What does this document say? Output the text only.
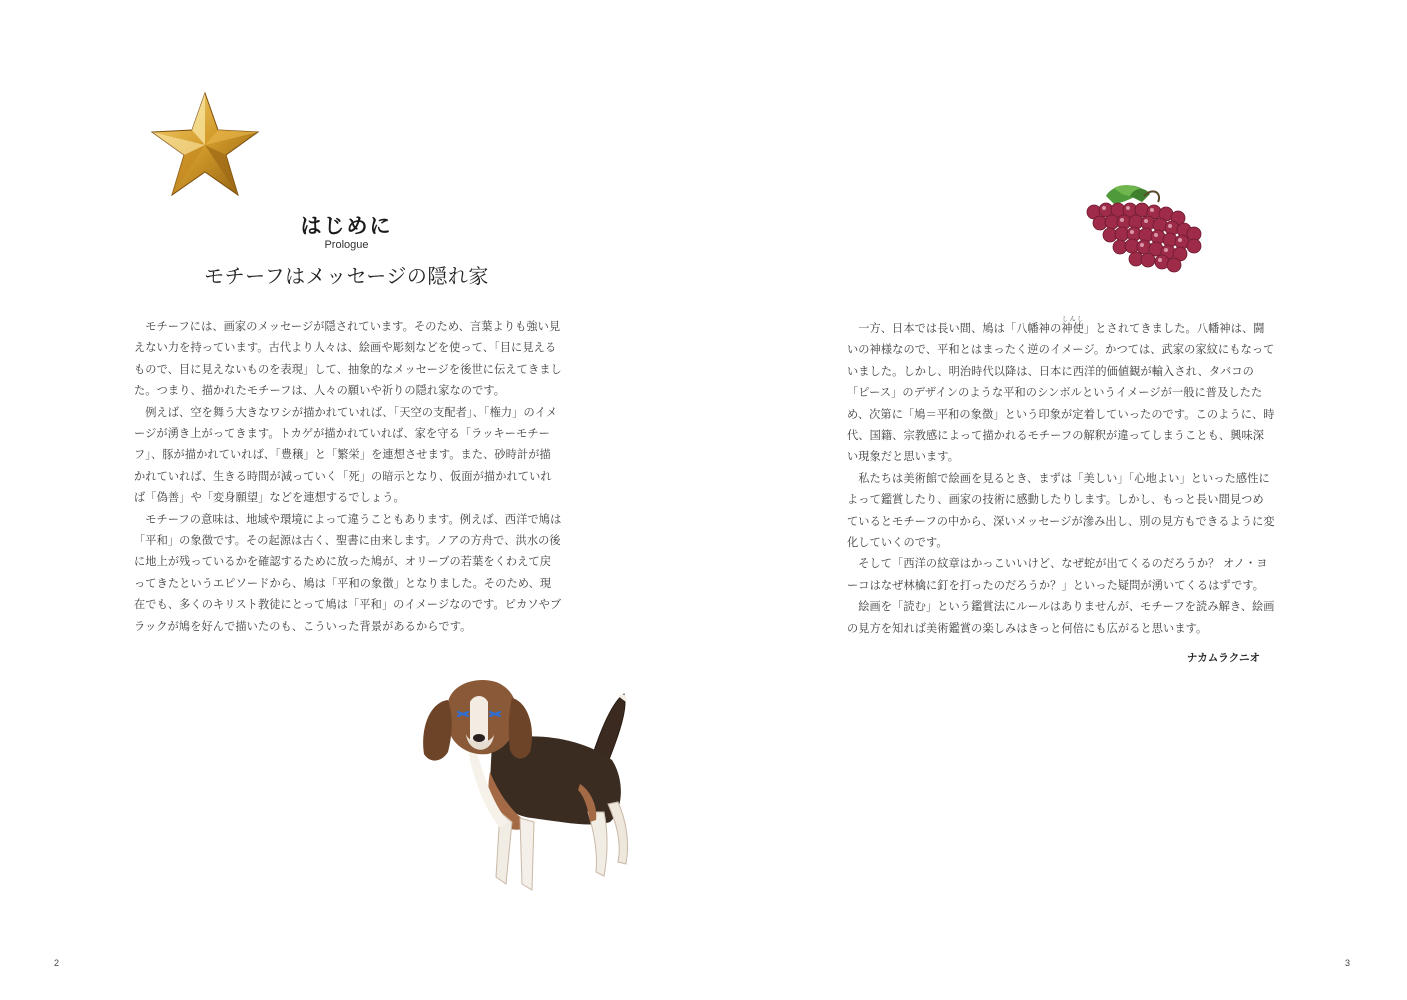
はじめに
Prologue
モチーフはメッセージの隠れ家

モチーフには、画家のメッセージが隠されています。そのため、言葉よりも強い見えない力を持っています。古代より人々は、絵画や彫刻などを使って、「目に見えるもので、目に見えないものを表現」して、抽象的なメッセージを後世に伝えてきました。つまり、描かれたモチーフは、人々の願いや祈りの隠れ家なのです。

例えば、空を舞う大きなワシが描かれていれば、「天空の支配者」、「権力」のイメージが湧き上がってきます。トカゲが描かれていれば、家を守る「ラッキーモチーフ」、豚が描かれていれば、「豊穣」と「繁栄」を連想させます。また、砂時計が描かれていれば、生きる時間が減っていく「死」の暗示となり、仮面が描かれていれば「偽善」や「変身願望」などを連想するでしょう。

モチーフの意味は、地域や環境によって違うこともあります。例えば、西洋で鳩は「平和」の象徴です。その起源は古く、聖書に由来します。ノアの方舟で、洪水の後に地上が残っているかを確認するために放った鳩が、オリーブの若葉をくわえて戻ってきたというエピソードから、鳩は「平和の象徴」となりました。そのため、現在でも、多くのキリスト教徒にとって鳩は「平和」のイメージなのです。ピカソやブラックが鳩を好んで描いたのも、こういった背景があるからです。

2

一方、日本では長い間、鳩は「八幡神の神使しんし」とされてきました。八幡神は、闘いの神様なので、平和とはまったく逆のイメージ。かつては、武家の家紋にもなっていました。しかし、明治時代以降は、日本に西洋的価値観が輸入され、タバコの「ピース」のデザインのような平和のシンボルというイメージが一般に普及したため、次第に「鳩＝平和の象徴」という印象が定着していったのです。このように、時代、国籍、宗教感によって描かれるモチーフの解釈が違ってしまうことも、興味深い現象だと思います。

私たちは美術館で絵画を見るとき、まずは「美しい」「心地よい」といった感性によって鑑賞したり、画家の技術に感動したりします。しかし、もっと長い間見つめているとモチーフの中から、深いメッセージが滲み出し、別の見方もできるように変化していくのです。

そして「西洋の紋章はかっこいいけど、なぜ蛇が出てくるのだろうか？ オノ・ヨーコはなぜ林檎に釘を打ったのだろうか？」といった疑問が湧いてくるはずです。

絵画を「読む」という鑑賞法にルールはありませんが、モチーフを読み解き、絵画の見方を知れば美術鑑賞の楽しみはきっと何倍にも広がると思います。

ナカムラクニオ
3
